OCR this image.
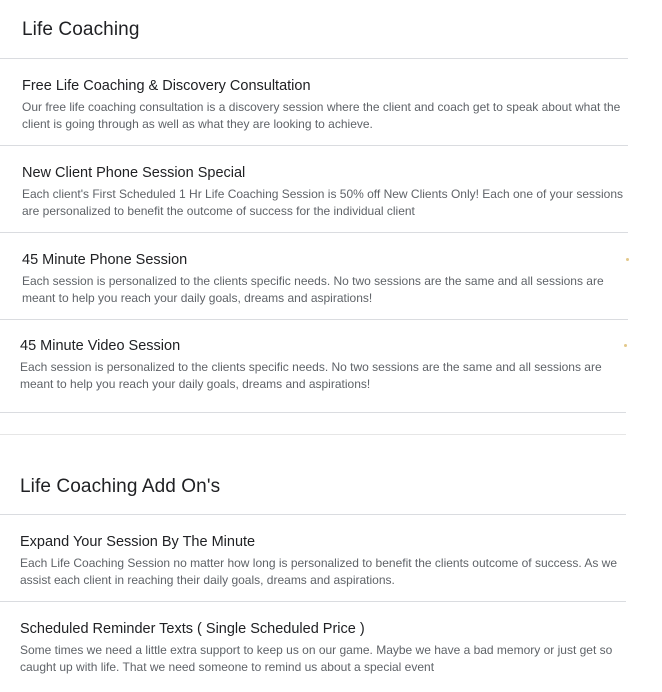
Life Coaching
Free Life Coaching & Discovery Consultation
Our free life coaching consultation is a discovery session where the client and coach get to speak about what the client is going through as well as what they are looking to achieve.
New Client Phone Session Special
Each client's First Scheduled 1 Hr Life Coaching Session is 50% off New Clients Only! Each one of your sessions are personalized to benefit the outcome of success for the individual client
45 Minute Phone Session
Each session is personalized to the clients specific needs. No two sessions are the same and all sessions are meant to help you reach your daily goals, dreams and aspirations!
45 Minute Video Session
Each session is personalized to the clients specific needs. No two sessions are the same and all sessions are meant to help you reach your daily goals, dreams and aspirations!
Life Coaching Add On's
Expand Your Session By The Minute
Each Life Coaching Session no matter how long is personalized to benefit the clients outcome of success. As we assist each client in reaching their daily goals, dreams and aspirations.
Scheduled Reminder Texts ( Single Scheduled Price )
Some times we need a little extra support to keep us on our game. Maybe we have a bad memory or just get so caught up with life. That we need someone to remind us about a special event
